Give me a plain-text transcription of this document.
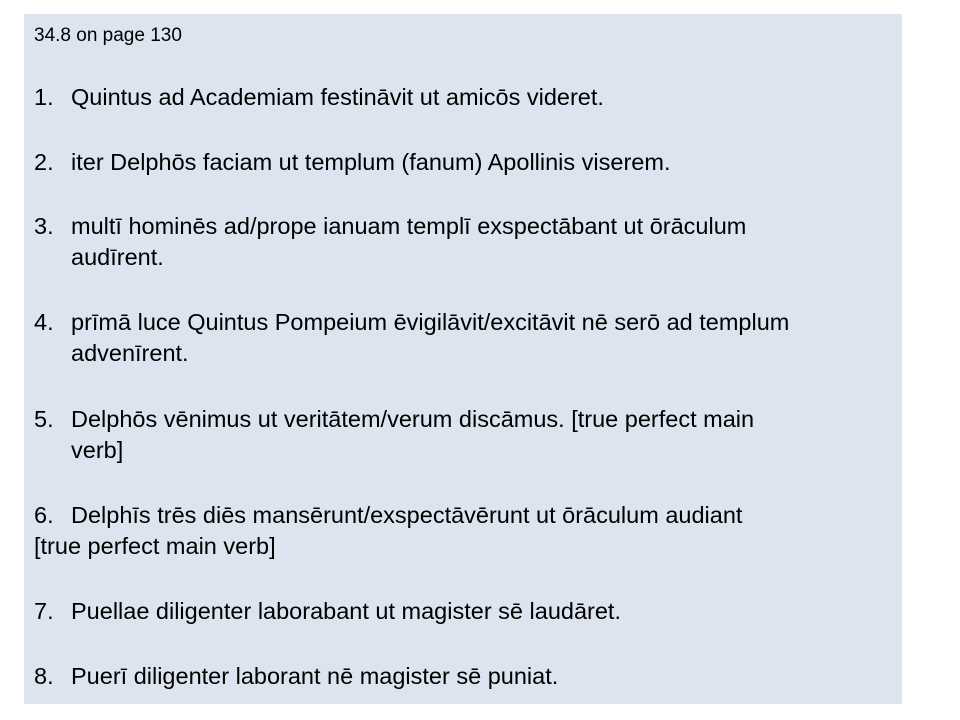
34.8 on page 130

1. Quintus ad Academiam festināvit ut amicōs videret.

2. iter Delphōs faciam ut templum (fanum) Apollinis viserem.

3. multī hominēs ad/prope ianuam templī exspectābant ut ōrāculum
audīrent.

4. prīmā luce Quintus Pompeium ēvigilāvit/excitāvit nē serō ad templum
advenīrent.

5. Delphōs vēnimus ut veritātem/verum discāmus. [true perfect main
verb]

6. Delphīs trēs diēs mansērunt/exspectāvērunt ut ōrāculum audiant
[true perfect main verb]

7. Puellae diligenter laborabant ut magister sē laudāret.

8. Puerī diligenter laborant nē magister sē puniat.
